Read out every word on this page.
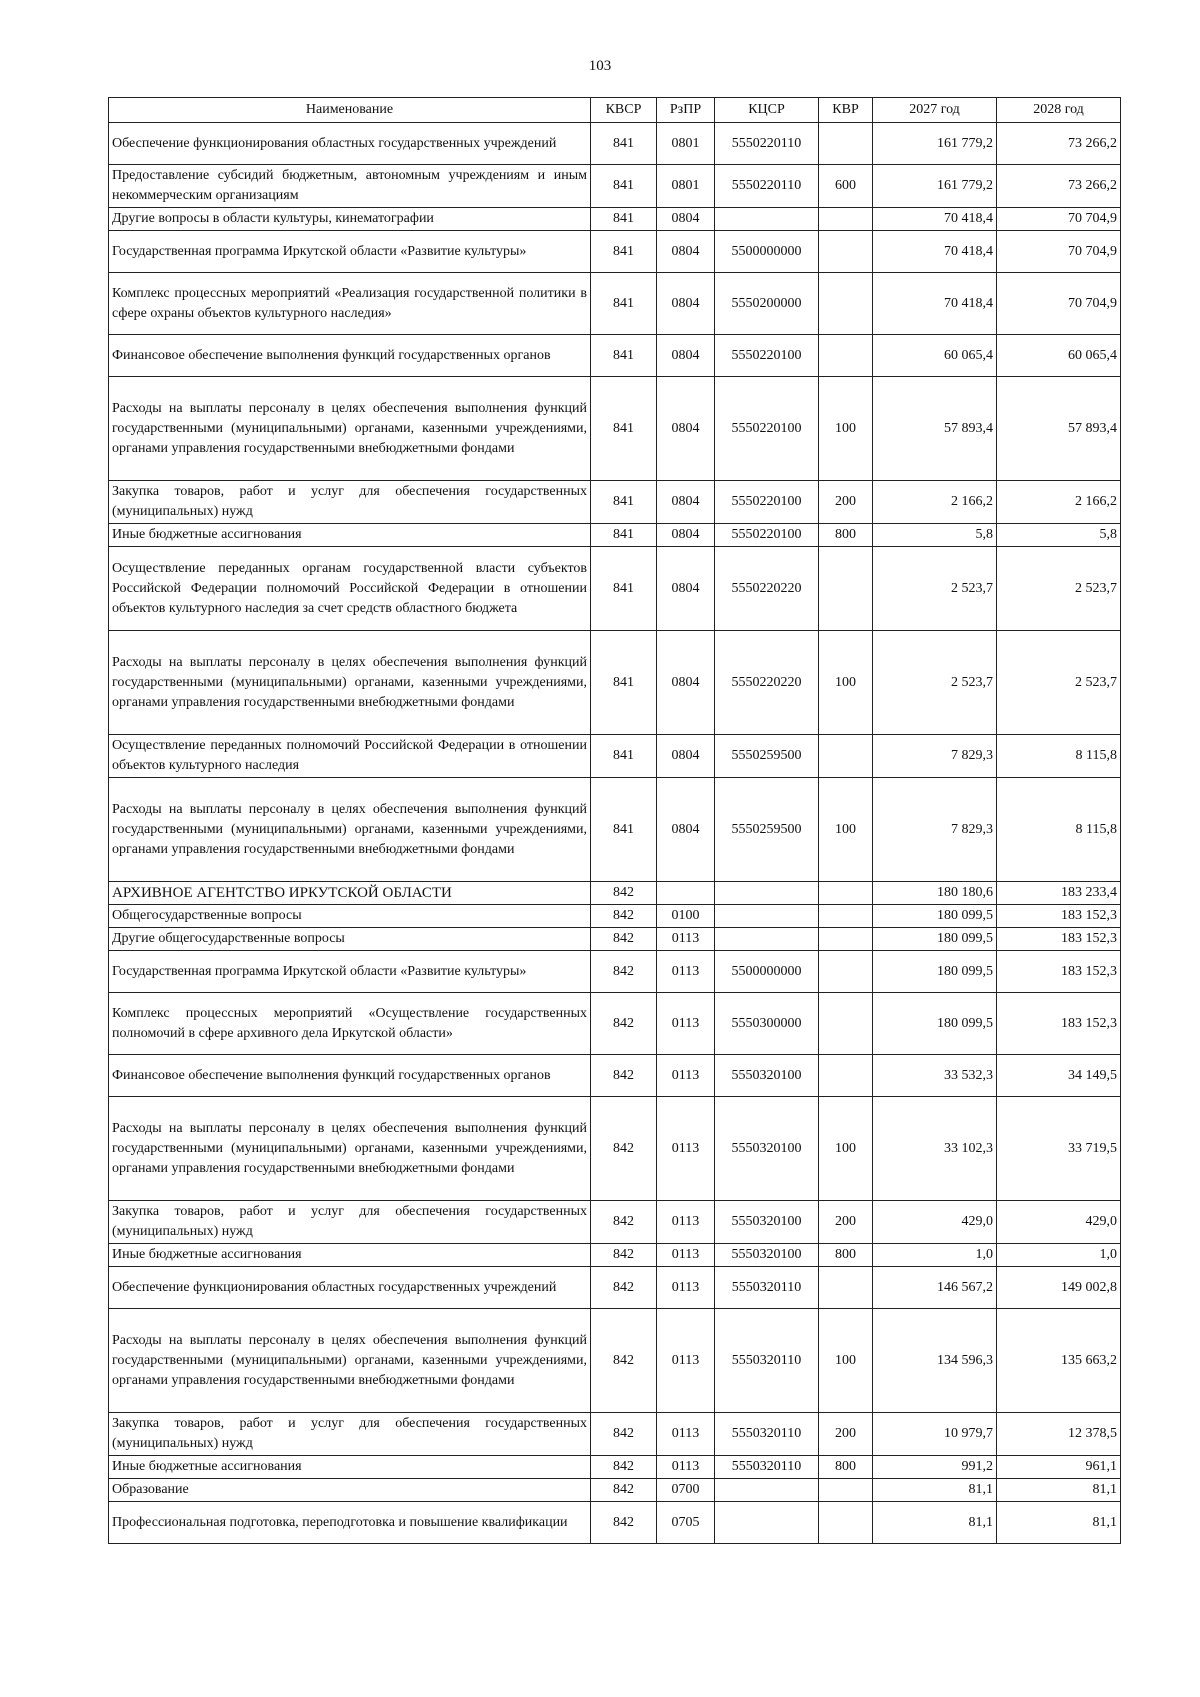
103
Наименование	КВСР	РзПР	КЦСР	КВР	2027 год	2028 год
Обеспечение функционирования областных государственных учреждений	841	0801	5550220110		161 779,2	73 266,2
Предоставление субсидий бюджетным, автономным учреждениям и иным некоммерческим организациям	841	0801	5550220110	600	161 779,2	73 266,2
Другие вопросы в области культуры, кинематографии	841	0804			70 418,4	70 704,9
Государственная программа Иркутской области «Развитие культуры»	841	0804	5500000000		70 418,4	70 704,9
Комплекс процессных мероприятий «Реализация государственной политики в сфере охраны объектов культурного наследия»	841	0804	5550200000		70 418,4	70 704,9
Финансовое обеспечение выполнения функций государственных органов	841	0804	5550220100		60 065,4	60 065,4
Расходы на выплаты персоналу в целях обеспечения выполнения функций государственными (муниципальными) органами, казенными учреждениями, органами управления государственными внебюджетными фондами	841	0804	5550220100	100	57 893,4	57 893,4
Закупка товаров, работ и услуг для обеспечения государственных (муниципальных) нужд	841	0804	5550220100	200	2 166,2	2 166,2
Иные бюджетные ассигнования	841	0804	5550220100	800	5,8	5,8
Осуществление переданных органам государственной власти субъектов Российской Федерации полномочий Российской Федерации в отношении объектов культурного наследия за счет средств областного бюджета	841	0804	5550220220		2 523,7	2 523,7
Расходы на выплаты персоналу в целях обеспечения выполнения функций государственными (муниципальными) органами, казенными учреждениями, органами управления государственными внебюджетными фондами	841	0804	5550220220	100	2 523,7	2 523,7
Осуществление переданных полномочий Российской Федерации в отношении объектов культурного наследия	841	0804	5550259500		7 829,3	8 115,8
Расходы на выплаты персоналу в целях обеспечения выполнения функций государственными (муниципальными) органами, казенными учреждениями, органами управления государственными внебюджетными фондами	841	0804	5550259500	100	7 829,3	8 115,8
АРХИВНОЕ АГЕНТСТВО ИРКУТСКОЙ ОБЛАСТИ	842				180 180,6	183 233,4
Общегосударственные вопросы	842	0100			180 099,5	183 152,3
Другие общегосударственные вопросы	842	0113			180 099,5	183 152,3
Государственная программа Иркутской области «Развитие культуры»	842	0113	5500000000		180 099,5	183 152,3
Комплекс процессных мероприятий «Осуществление государственных полномочий в сфере архивного дела Иркутской области»	842	0113	5550300000		180 099,5	183 152,3
Финансовое обеспечение выполнения функций государственных органов	842	0113	5550320100		33 532,3	34 149,5
Расходы на выплаты персоналу в целях обеспечения выполнения функций государственными (муниципальными) органами, казенными учреждениями, органами управления государственными внебюджетными фондами	842	0113	5550320100	100	33 102,3	33 719,5
Закупка товаров, работ и услуг для обеспечения государственных (муниципальных) нужд	842	0113	5550320100	200	429,0	429,0
Иные бюджетные ассигнования	842	0113	5550320100	800	1,0	1,0
Обеспечение функционирования областных государственных учреждений	842	0113	5550320110		146 567,2	149 002,8
Расходы на выплаты персоналу в целях обеспечения выполнения функций государственными (муниципальными) органами, казенными учреждениями, органами управления государственными внебюджетными фондами	842	0113	5550320110	100	134 596,3	135 663,2
Закупка товаров, работ и услуг для обеспечения государственных (муниципальных) нужд	842	0113	5550320110	200	10 979,7	12 378,5
Иные бюджетные ассигнования	842	0113	5550320110	800	991,2	961,1
Образование	842	0700			81,1	81,1
Профессиональная подготовка, переподготовка и повышение квалификации	842	0705			81,1	81,1
